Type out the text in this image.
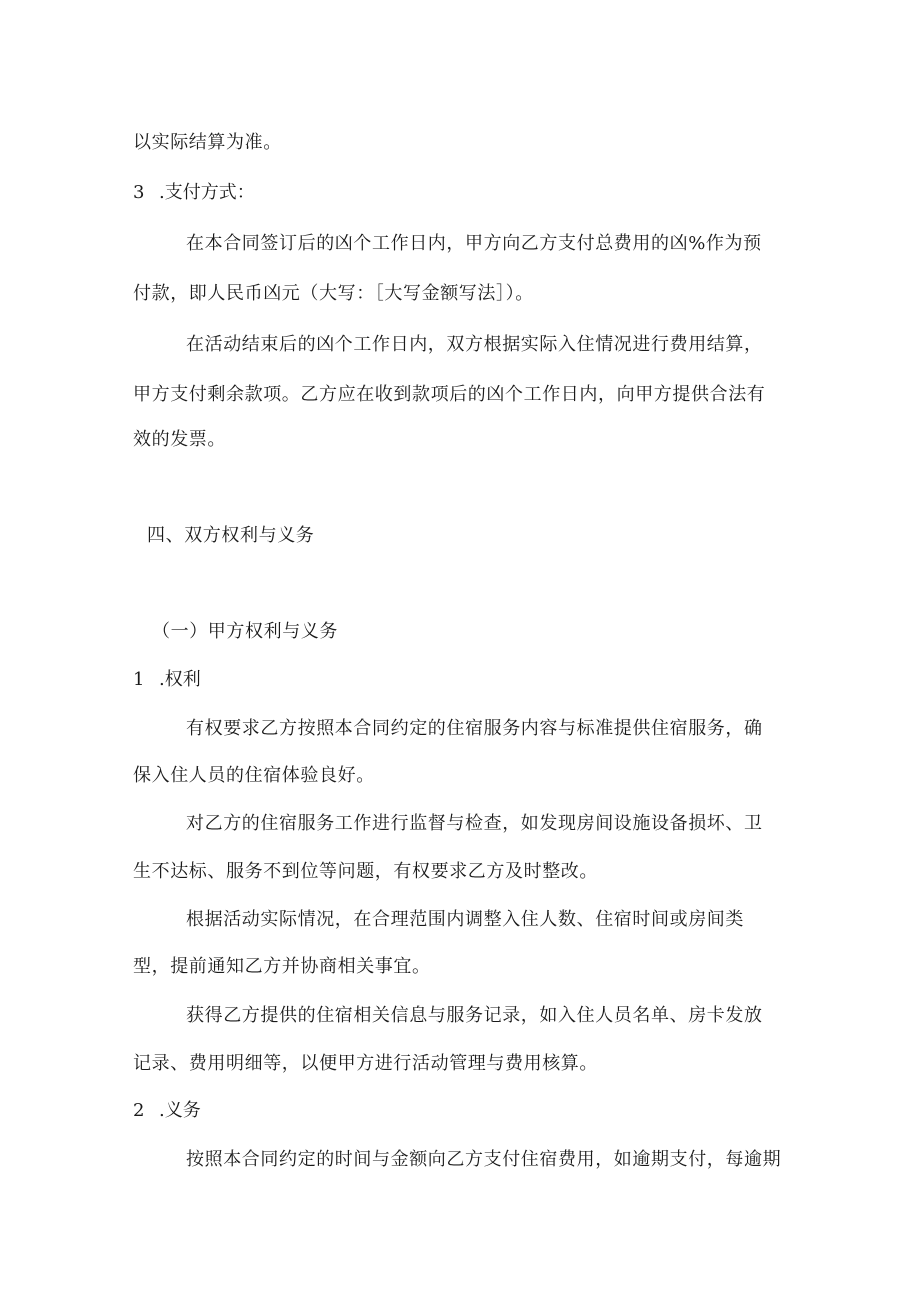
以实际结算为准。
3 .支付方式：
在本合同签订后的凶个工作日内，甲方向乙方支付总费用的凶%作为预
付款，即人民币凶元（大写：［大写金额写法］）。
在活动结束后的凶个工作日内，双方根据实际入住情况进行费用结算，
甲方支付剩余款项。乙方应在收到款项后的凶个工作日内，向甲方提供合法有
效的发票。
四、双方权利与义务
（一）甲方权利与义务
1 .权利
有权要求乙方按照本合同约定的住宿服务内容与标准提供住宿服务，确
保入住人员的住宿体验良好。
对乙方的住宿服务工作进行监督与检查，如发现房间设施设备损坏、卫
生不达标、服务不到位等问题，有权要求乙方及时整改。
根据活动实际情况，在合理范围内调整入住人数、住宿时间或房间类
型，提前通知乙方并协商相关事宜。
获得乙方提供的住宿相关信息与服务记录，如入住人员名单、房卡发放
记录、费用明细等，以便甲方进行活动管理与费用核算。
2 .义务
按照本合同约定的时间与金额向乙方支付住宿费用，如逾期支付，每逾期
